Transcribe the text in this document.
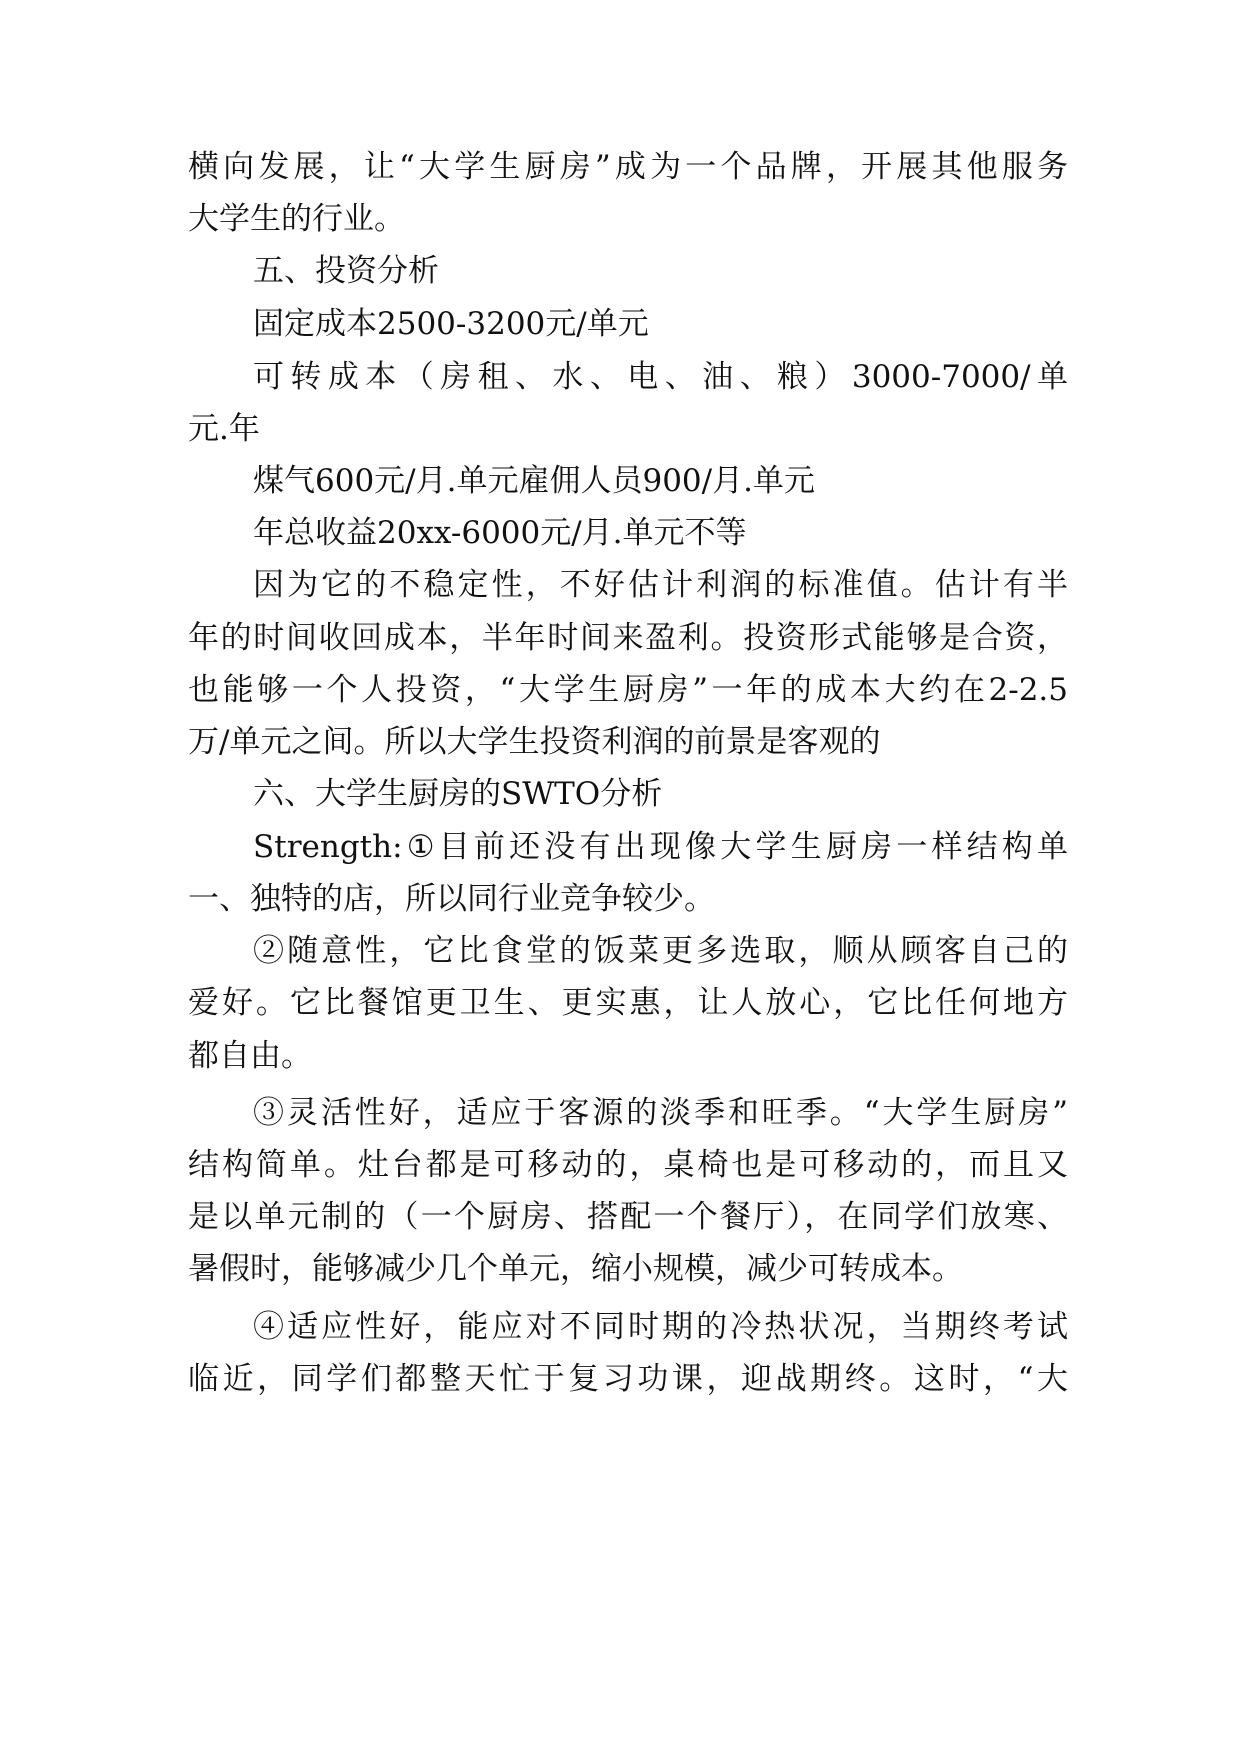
横向发展，让“大学生厨房”成为一个品牌，开展其他服务
大学生的行业。
五、投资分析
固定成本2500-3200元/单元
可转成本（房租、水、电、油、粮）3000-7000/单
元.年
煤气600元/月.单元雇佣人员900/月.单元
年总收益20xx-6000元/月.单元不等
因为它的不稳定性，不好估计利润的标准值。估计有半
年的时间收回成本，半年时间来盈利。投资形式能够是合资，
也能够一个人投资，“大学生厨房”一年的成本大约在2-2.5
万/单元之间。所以大学生投资利润的前景是客观的
六、大学生厨房的SWTO分析
Strength:①目前还没有出现像大学生厨房一样结构单
一、独特的店，所以同行业竞争较少。
②随意性，它比食堂的饭菜更多选取，顺从顾客自己的
爱好。它比餐馆更卫生、更实惠，让人放心，它比任何地方
都自由。
③灵活性好，适应于客源的淡季和旺季。“大学生厨房”
结构简单。灶台都是可移动的，桌椅也是可移动的，而且又
是以单元制的（一个厨房、搭配一个餐厅），在同学们放寒、
暑假时，能够减少几个单元，缩小规模，减少可转成本。
④适应性好，能应对不同时期的冷热状况，当期终考试
临近，同学们都整天忙于复习功课，迎战期终。这时，“大
